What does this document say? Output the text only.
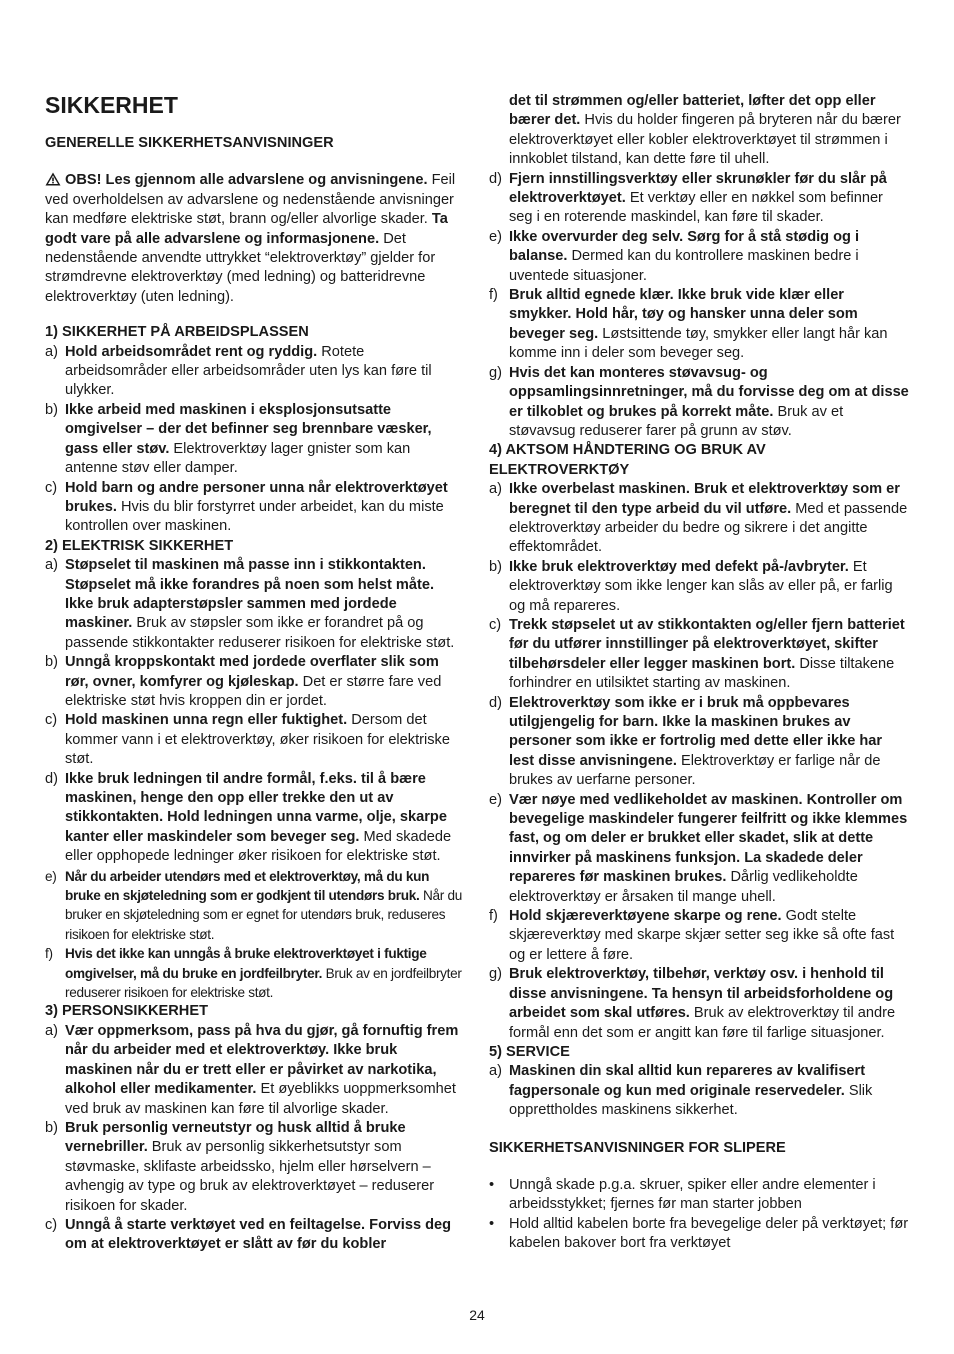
SIKKERHET
GENERELLE SIKKERHETSANVISNINGER
OBS! Les gjennom alle advarslene og anvisningene. Feil ved overholdelsen av advarslene og nedenstående anvisninger kan medføre elektriske støt, brann og/eller alvorlige skader. Ta godt vare på alle advarslene og informasjonene. Det nedenstående anvendte uttrykket “elektroverktøy” gjelder for strømdrevne elektroverktøy (med ledning) og batteridrevne elektroverktøy (uten ledning).
1) SIKKERHET PÅ ARBEIDSPLASSEN
a) Hold arbeidsområdet rent og ryddig. Rotete arbeidsområder eller arbeidsområder uten lys kan føre til ulykker.
b) Ikke arbeid med maskinen i eksplosjonsutsatte omgivelser – der det befinner seg brennbare væsker, gass eller støv. Elektroverktøy lager gnister som kan antenne støv eller damper.
c) Hold barn og andre personer unna når elektroverktøyet brukes. Hvis du blir forstyrret under arbeidet, kan du miste kontrollen over maskinen.
2) ELEKTRISK SIKKERHET
a) Støpselet til maskinen må passe inn i stikkontakten. Støpselet må ikke forandres på noen som helst måte. Ikke bruk adapterstøpsler sammen med jordede maskiner. Bruk av støpsler som ikke er forandret på og passende stikkontakter reduserer risikoen for elektriske støt.
b) Unngå kroppskontakt med jordede overflater slik som rør, ovner, komfyrer og kjøleskap. Det er større fare ved elektriske støt hvis kroppen din er jordet.
c) Hold maskinen unna regn eller fuktighet. Dersom det kommer vann i et elektroverktøy, øker risikoen for elektriske støt.
d) Ikke bruk ledningen til andre formål, f.eks. til å bære maskinen, henge den opp eller trekke den ut av stikkontakten. Hold ledningen unna varme, olje, skarpe kanter eller maskindeler som beveger seg. Med skadede eller opphopede ledninger øker risikoen for elektriske støt.
e) Når du arbeider utendørs med et elektroverktøy, må du kun bruke en skjøteledning som er godkjent til utendørs bruk. Når du bruker en skjøteledning som er egnet for utendørs bruk, reduseres risikoen for elektriske støt.
f) Hvis det ikke kan unngås å bruke elektroverktøyet i fuktige omgivelser, må du bruke en jordfeilbryter. Bruk av en jordfeilbryter reduserer risikoen for elektriske støt.
3) PERSONSIKKERHET
a) Vær oppmerksom, pass på hva du gjør, gå fornuftig frem når du arbeider med et elektroverktøy. Ikke bruk maskinen når du er trett eller er påvirket av narkotika, alkohol eller medikamenter. Et øyeblikks uoppmerksomhet ved bruk av maskinen kan føre til alvorlige skader.
b) Bruk personlig verneutstyr og husk alltid å bruke vernebriller. Bruk av personlig sikkerhetsutstyr som støvmaske, sklifaste arbeidssko, hjelm eller hørselvern – avhengig av type og bruk av elektroverktøyet – reduserer risikoen for skader.
c) Unngå å starte verktøyet ved en feiltagelse. Forviss deg om at elektroverktøyet er slått av før du kobler
det til strømmen og/eller batteriet, løfter det opp eller bærer det. Hvis du holder fingeren på bryteren når du bærer elektroverktøyet eller kobler elektroverktøyet til strømmen i innkoblet tilstand, kan dette føre til uhell.
d) Fjern innstillingsverktøy eller skrunøkler før du slår på elektroverktøyet. Et verktøy eller en nøkkel som befinner seg i en roterende maskindel, kan føre til skader.
e) Ikke overvurder deg selv. Sørg for å stå stødig og i balanse. Dermed kan du kontrollere maskinen bedre i uventede situasjoner.
f) Bruk alltid egnede klær. Ikke bruk vide klær eller smykker. Hold hår, tøy og hansker unna deler som beveger seg. Løstsittende tøy, smykker eller langt hår kan komme inn i deler som beveger seg.
g) Hvis det kan monteres støvavsug- og oppsamlingsinnretninger, må du forvisse deg om at disse er tilkoblet og brukes på korrekt måte. Bruk av et støvavsug reduserer farer på grunn av støv.
4) AKTSOM HÅNDTERING OG BRUK AV ELEKTROVERKTØY
a) Ikke overbelast maskinen. Bruk et elektroverktøy som er beregnet til den type arbeid du vil utføre. Med et passende elektroverktøy arbeider du bedre og sikrere i det angitte effektområdet.
b) Ikke bruk elektroverktøy med defekt på-/avbryter. Et elektroverktøy som ikke lenger kan slås av eller på, er farlig og må repareres.
c) Trekk støpselet ut av stikkontakten og/eller fjern batteriet før du utfører innstillinger på elektroverktøyet, skifter tilbehørsdeler eller legger maskinen bort. Disse tiltakene forhindrer en utilsiktet starting av maskinen.
d) Elektroverktøy som ikke er i bruk må oppbevares utilgjengelig for barn. Ikke la maskinen brukes av personer som ikke er fortrolig med dette eller ikke har lest disse anvisningene. Elektroverktøy er farlige når de brukes av uerfarne personer.
e) Vær nøye med vedlikeholdet av maskinen. Kontroller om bevegelige maskindeler fungerer feilfritt og ikke klemmes fast, og om deler er brukket eller skadet, slik at dette innvirker på maskinens funksjon. La skadede deler repareres før maskinen brukes. Dårlig vedlikeholdte elektroverktøy er årsaken til mange uhell.
f) Hold skjæreverktøyene skarpe og rene. Godt stelte skjæreverktøy med skarpe skjær setter seg ikke så ofte fast og er lettere å føre.
g) Bruk elektroverktøy, tilbehør, verktøy osv. i henhold til disse anvisningene. Ta hensyn til arbeidsforholdene og arbeidet som skal utføres. Bruk av elektroverktøy til andre formål enn det som er angitt kan føre til farlige situasjoner.
5) SERVICE
a) Maskinen din skal alltid kun repareres av kvalifisert fagpersonale og kun med originale reservedeler. Slik opprettholdes maskinens sikkerhet.
SIKKERHETSANVISNINGER FOR SLIPERE
•	Unngå skade p.g.a. skruer, spiker eller andre elementer i arbeidsstykket; fjernes før man starter jobben
•	Hold alltid kabelen borte fra bevegelige deler på verktøyet; før kabelen bakover bort fra verktøyet
24
